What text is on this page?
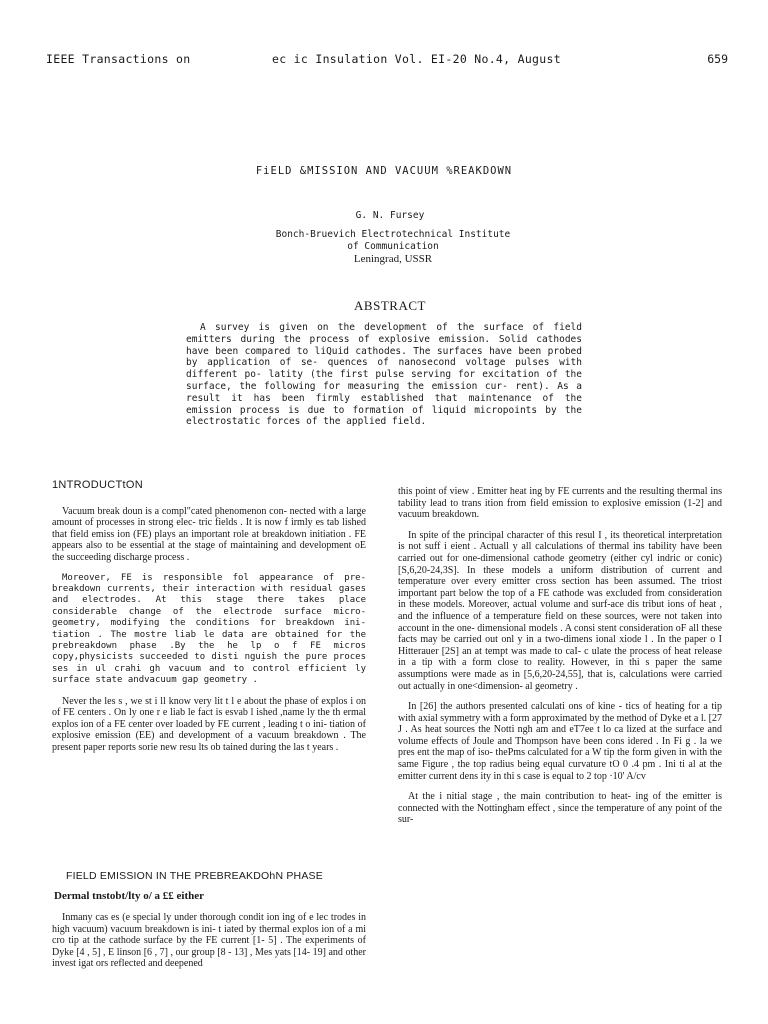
IEEE Transactions on	ec ic Insulation Vol. EI-20 No.4, August	659
FiELD &MISSION AND VACUUM %REAKDOWN
G. N. Fursey
Bonch-Bruevich Electrotechnical Institute
of Communication
Leningrad, USSR
ABSTRACT

A survey is given on the development of the surface of field emitters during the process of explosive emission. Solid cathodes have been compared to liQuid cathodes. The surfaces have been probed by application of se- quences of nanosecond voltage pulses with different po- latity (the first pulse serving for excitation of the surface, the following for measuring the emission cur- rent). As a result it has been firmly established that maintenance of the emission process is due to formation of liquid micropoints by the electrostatic forces of the applied field.

1NTRODUCTtON

Vacuum break doun is a compl"cated phenomenon con- nected with a large amount of processes in strong elec- tric fields . It is now f irmly es tab lished that field emiss ion (FE) plays an important role at breakdown initiation . FE appears also to be essential at the stage of maintaining and development oE the succeeding discharge process .

Moreover, FE is responsible fol appearance of pre- breakdown currents, their interaction with residual gases and electrodes. At this stage there takes place considerable change of the electrode surface micro- geometry, modifying the conditions for breakdown ini- tiation . The mostre liab le data are obtained for the prebreakdown phase .By the he lp o f FE micros copy,physicists succeeded to disti nguish the pure proces ses in ul crahi gh vacuum and to control efficient ly surface state andvacuum gap geometry .

Never the les s , we st i ll know very lit t l e about the phase of explos i on of FE centers . On ly one r e liab le fact is esvab l ished ,name ly the th ermal explos ion of a FE center over loaded by FE current , leading t o ini- tiation of explosive emission (EE) and development of a vacuum breakdown . The present paper reports sorie new resu lts ob tained during the las t years .

FIELD EMISSION IN THE PREBREAKDOhN PHASE
Dermal tnstobt/lty o/ a ££ either

Inmany cas es (e special ly under thorough condit ion ing of e lec trodes in high vacuum) vacuum breakdown is ini- t iated by thermal explos ion of a mi cro tip at the cathode surface by the FE current [1- 5] . The experiments of Dyke [4 , 5] , E linson [6 , 7] , our group [8 - 13] , Mes yats [14- 19] and other invest igat ors reflected and deepened

this point of view . Emitter heat ing by FE currents and the resulting thermal ins tability lead to trans ition from field emission to explosive emission (1-2] and vacuum breakdown.

In spite of the principal character of this resul I , its theoretical interpretation is not suff i eient . Actuall y all calculations of thermal ins tability have been carried out for one-dimensional cathode geometry (either cyl indric or conic) [S,6,20-24,3S]. In these models a uniform distribution of current and temperature over every emitter cross section has been assumed. The triost important part below the top of a FE cathode was excluded from consideration in these models. Moreover, actual volume and surf-ace dis tribut ions of heat , and the influence of a temperature field on these sources, were not taken into account in the one- dimensional models . A consi stent consideration oF all these facts may be carried out onl y in a two-dimens ional xiode l . In the paper o I Hitterauer [2S] an at tempt was made to caI- c ulate the process of heat release in a tip with a form close to reality. However, in thi s paper the same assumptions were made as in [5,6,20-24,55], that is, calculations were carried out actually in one<dimension- al geometry .

In [26] the authors presented calculati ons of kine - tics of heating for a tip with axial symmetry with a form approximated by the method of Dyke et a l. [27 J . As heat sources the Notti ngh am and eT7ee t lo ca lized at the surface and volume effects of Joule and Thompson have been cons idered . In Fi g . la we pres ent the map of iso- thePms calculated for a W tip the form given in with the same Figure , the top radius being equal curvature tO 0 .4 pm . Ini ti al at the emitter current dens ity in thi s case is equal to 2 top ·10' A/cv

At the i nitial stage , the main contribution to heat- ing of the emitter is connected with the Nottingham effect , since the temperature of any point of the sur-
